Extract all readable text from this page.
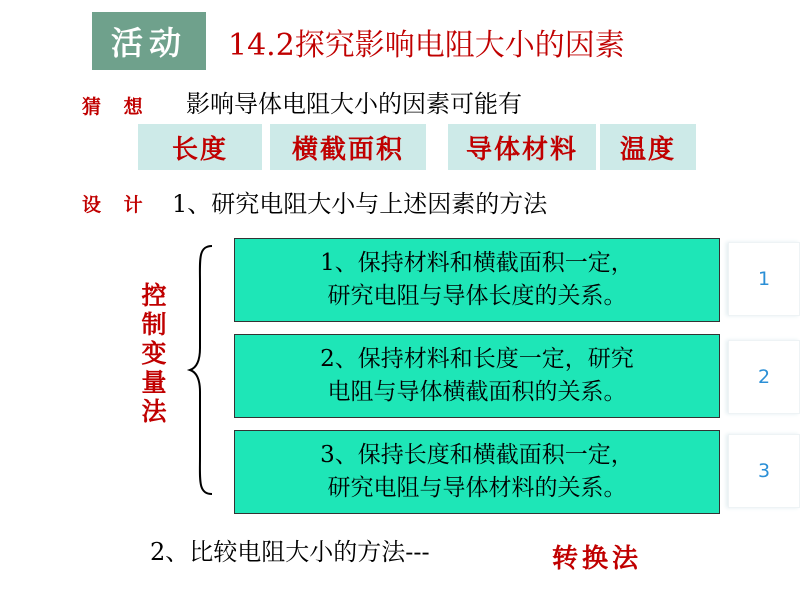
活动	14.2探究影响电阻大小的因素
猜 想 影响导体电阻大小的因素可能有
长度	横截面积	导体材料	温度
设 计 1、研究电阻大小与上述因素的方法
控制变量法
1、保持材料和横截面积一定，
研究电阻与导体长度的关系。
2、保持材料和长度一定，研究
电阻与导体横截面积的关系。
3、保持长度和横截面积一定，
研究电阻与导体材料的关系。
1
2
3
2、比较电阻大小的方法---	转换法
